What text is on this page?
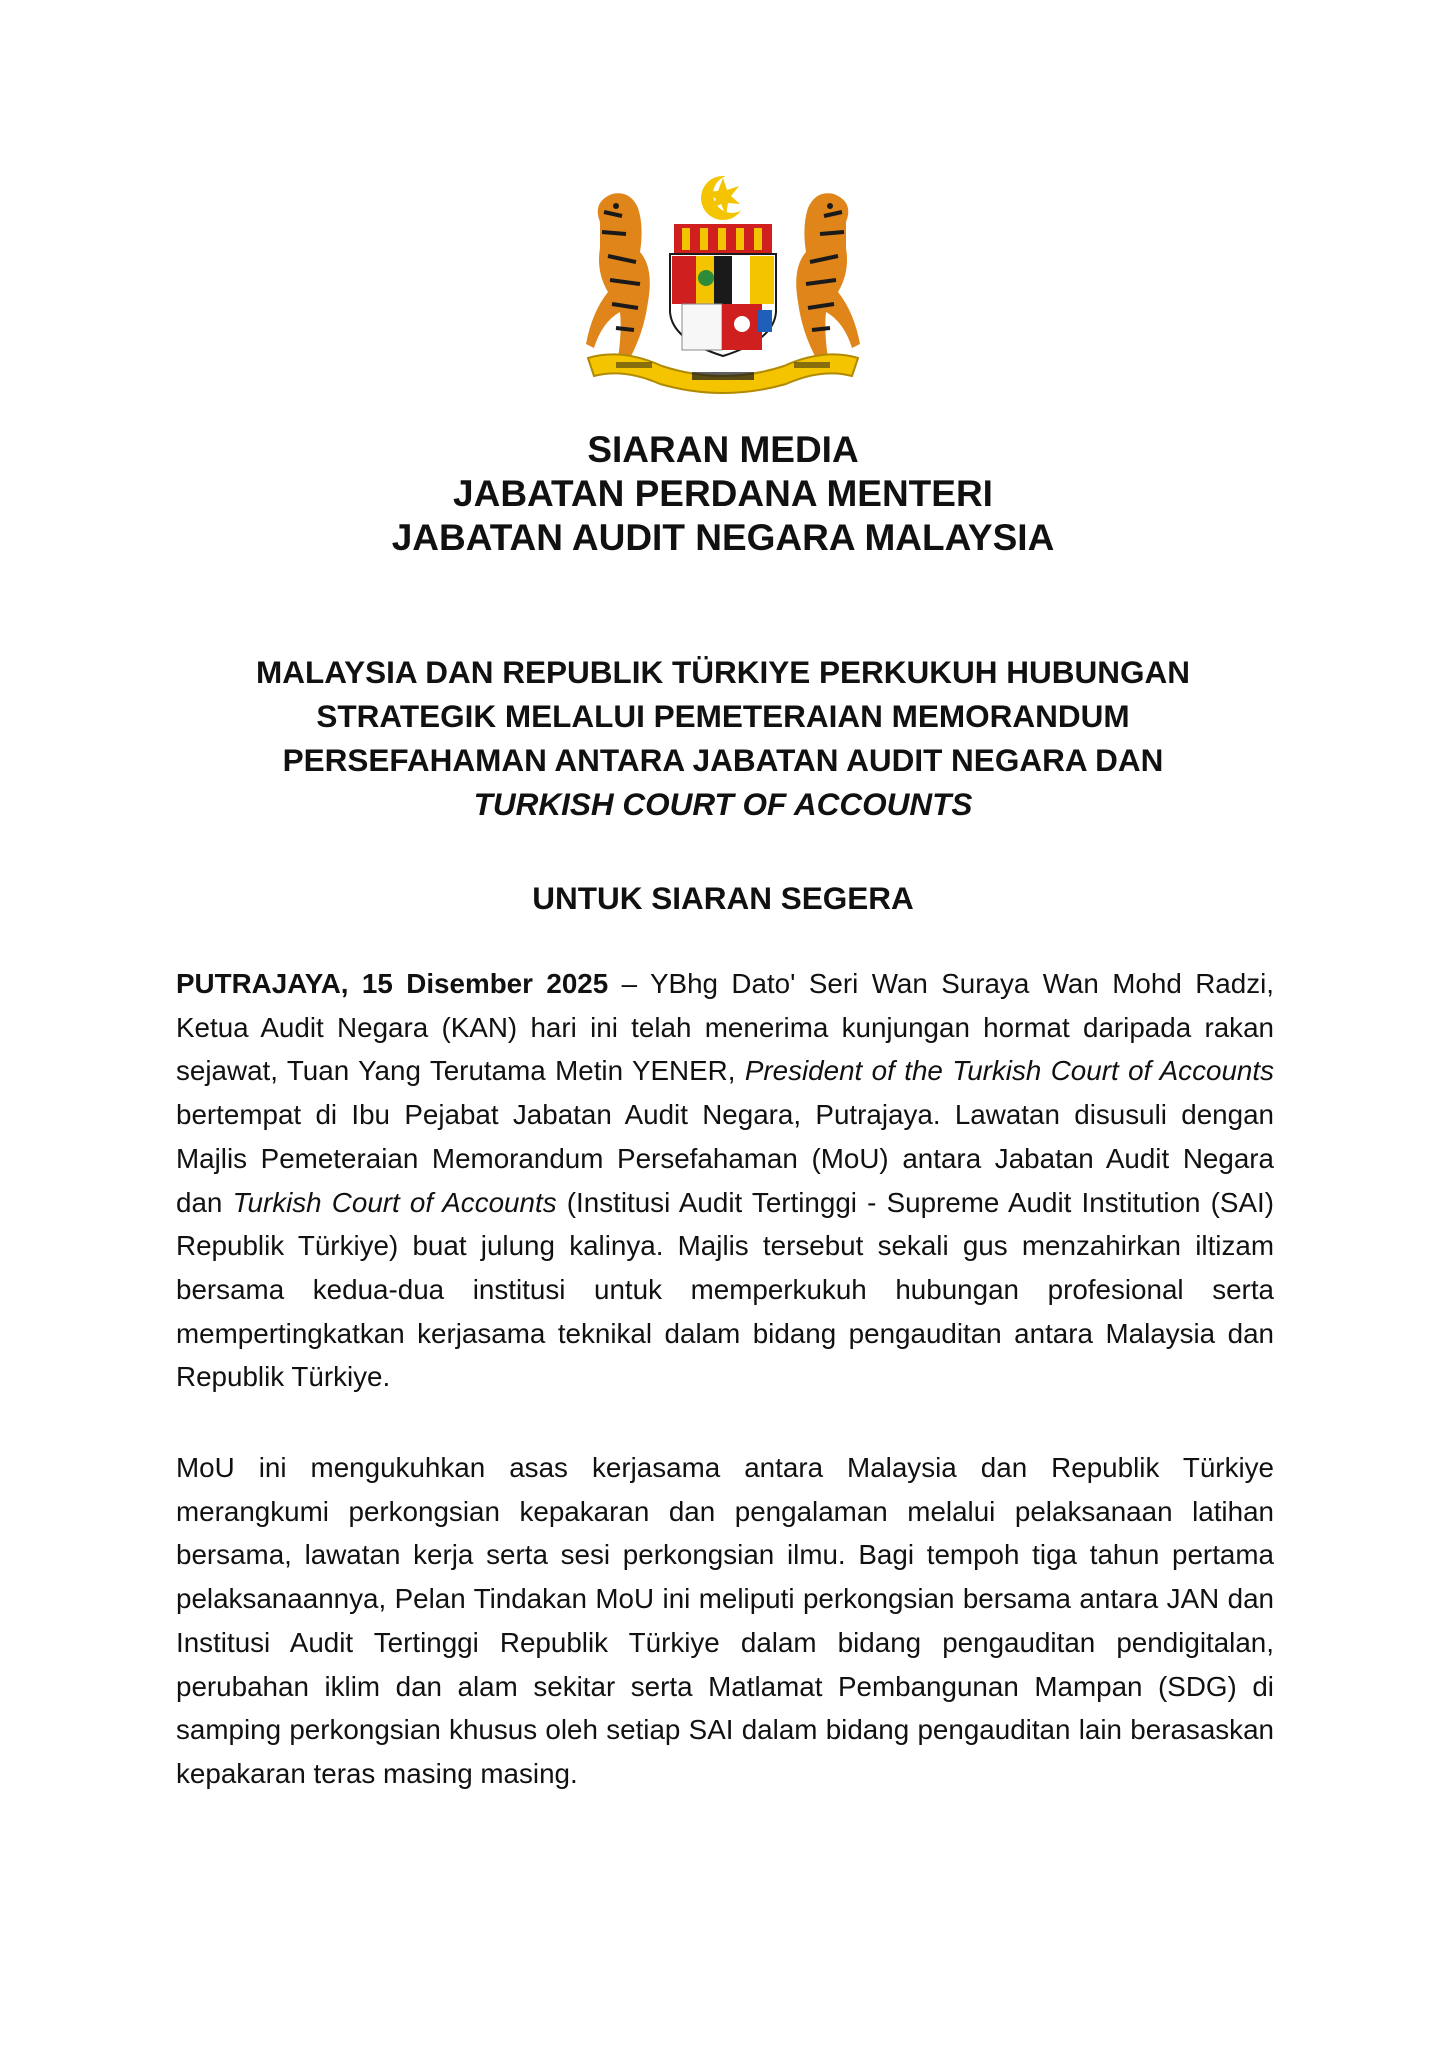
SIARAN MEDIA
JABATAN PERDANA MENTERI
JABATAN AUDIT NEGARA MALAYSIA
MALAYSIA DAN REPUBLIK TÜRKIYE PERKUKUH HUBUNGAN
STRATEGIK MELALUI PEMETERAIAN MEMORANDUM
PERSEFAHAMAN ANTARA JABATAN AUDIT NEGARA DAN
TURKISH COURT OF ACCOUNTS
UNTUK SIARAN SEGERA

PUTRAJAYA, 15 Disember 2025 – YBhg Dato' Seri Wan Suraya Wan Mohd Radzi, Ketua Audit Negara (KAN) hari ini telah menerima kunjungan hormat daripada rakan sejawat, Tuan Yang Terutama Metin YENER, President of the Turkish Court of Accounts bertempat di Ibu Pejabat Jabatan Audit Negara, Putrajaya. Lawatan disusuli dengan Majlis Pemeteraian Memorandum Persefahaman (MoU) antara Jabatan Audit Negara dan Turkish Court of Accounts (Institusi Audit Tertinggi - Supreme Audit Institution (SAI) Republik Türkiye) buat julung kalinya. Majlis tersebut sekali gus menzahirkan iltizam bersama kedua-dua institusi untuk memperkukuh hubungan profesional serta mempertingkatkan kerjasama teknikal dalam bidang pengauditan antara Malaysia dan Republik Türkiye.

MoU ini mengukuhkan asas kerjasama antara Malaysia dan Republik Türkiye merangkumi perkongsian kepakaran dan pengalaman melalui pelaksanaan latihan bersama, lawatan kerja serta sesi perkongsian ilmu. Bagi tempoh tiga tahun pertama pelaksanaannya, Pelan Tindakan MoU ini meliputi perkongsian bersama antara JAN dan Institusi Audit Tertinggi Republik Türkiye dalam bidang pengauditan pendigitalan, perubahan iklim dan alam sekitar serta Matlamat Pembangunan Mampan (SDG) di samping perkongsian khusus oleh setiap SAI dalam bidang pengauditan lain berasaskan kepakaran teras masing masing.
